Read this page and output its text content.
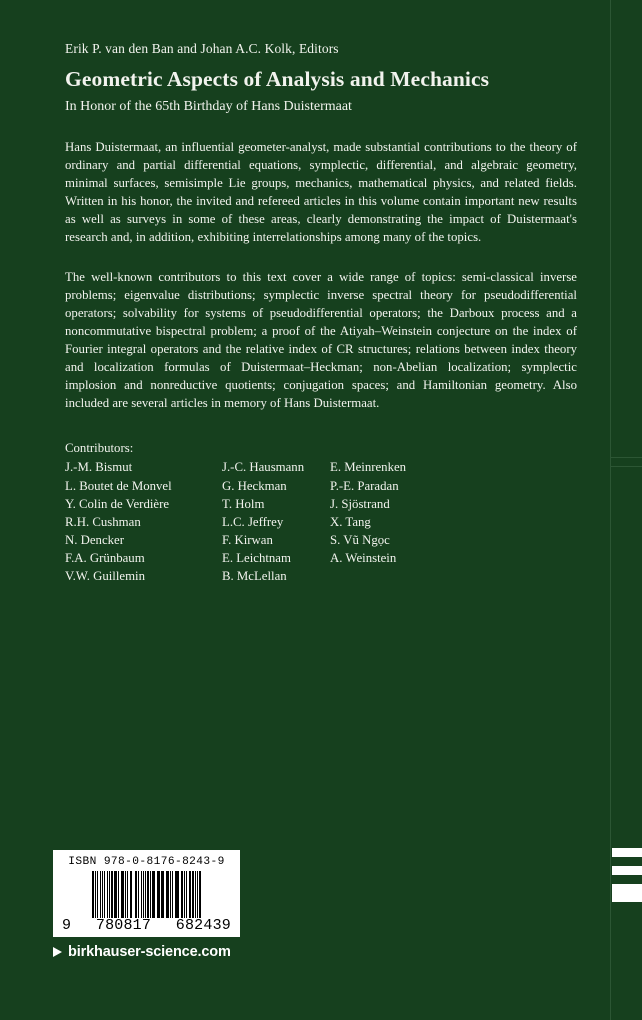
Erik P. van den Ban and Johan A.C. Kolk, Editors
Geometric Aspects of Analysis and Mechanics
In Honor of the 65th Birthday of Hans Duistermaat
Hans Duistermaat, an influential geometer-analyst, made substantial contributions to the theory of ordinary and partial differential equations, symplectic, differential, and algebraic geometry, minimal surfaces, semisimple Lie groups, mechanics, mathematical physics, and related fields. Written in his honor, the invited and refereed articles in this volume contain important new results as well as surveys in some of these areas, clearly demonstrating the impact of Duistermaat's research and, in addition, exhibiting interrelationships among many of the topics.
The well-known contributors to this text cover a wide range of topics: semi-classical inverse problems; eigenvalue distributions; symplectic inverse spectral theory for pseudodifferential operators; solvability for systems of pseudodifferential operators; the Darboux process and a noncommutative bispectral problem; a proof of the Atiyah–Weinstein conjecture on the index of Fourier integral operators and the relative index of CR structures; relations between index theory and localization formulas of Duistermaat–Heckman; non-Abelian localization; symplectic implosion and nonreductive quotients; conjugation spaces; and Hamiltonian geometry. Also included are several articles in memory of Hans Duistermaat.
Contributors:
J.-M. Bismut
L. Boutet de Monvel
Y. Colin de Verdière
R.H. Cushman
N. Dencker
F.A. Grünbaum
V.W. Guillemin
J.-C. Hausmann
G. Heckman
T. Holm
L.C. Jeffrey
F. Kirwan
E. Leichtnam
B. McLellan
E. Meinrenken
P.-E. Paradan
J. Sjöstrand
X. Tang
S. Vũ Ngọc
A. Weinstein
ISBN 978-0-8176-8243-9
9 780817 682439
birkhauser-science.com
